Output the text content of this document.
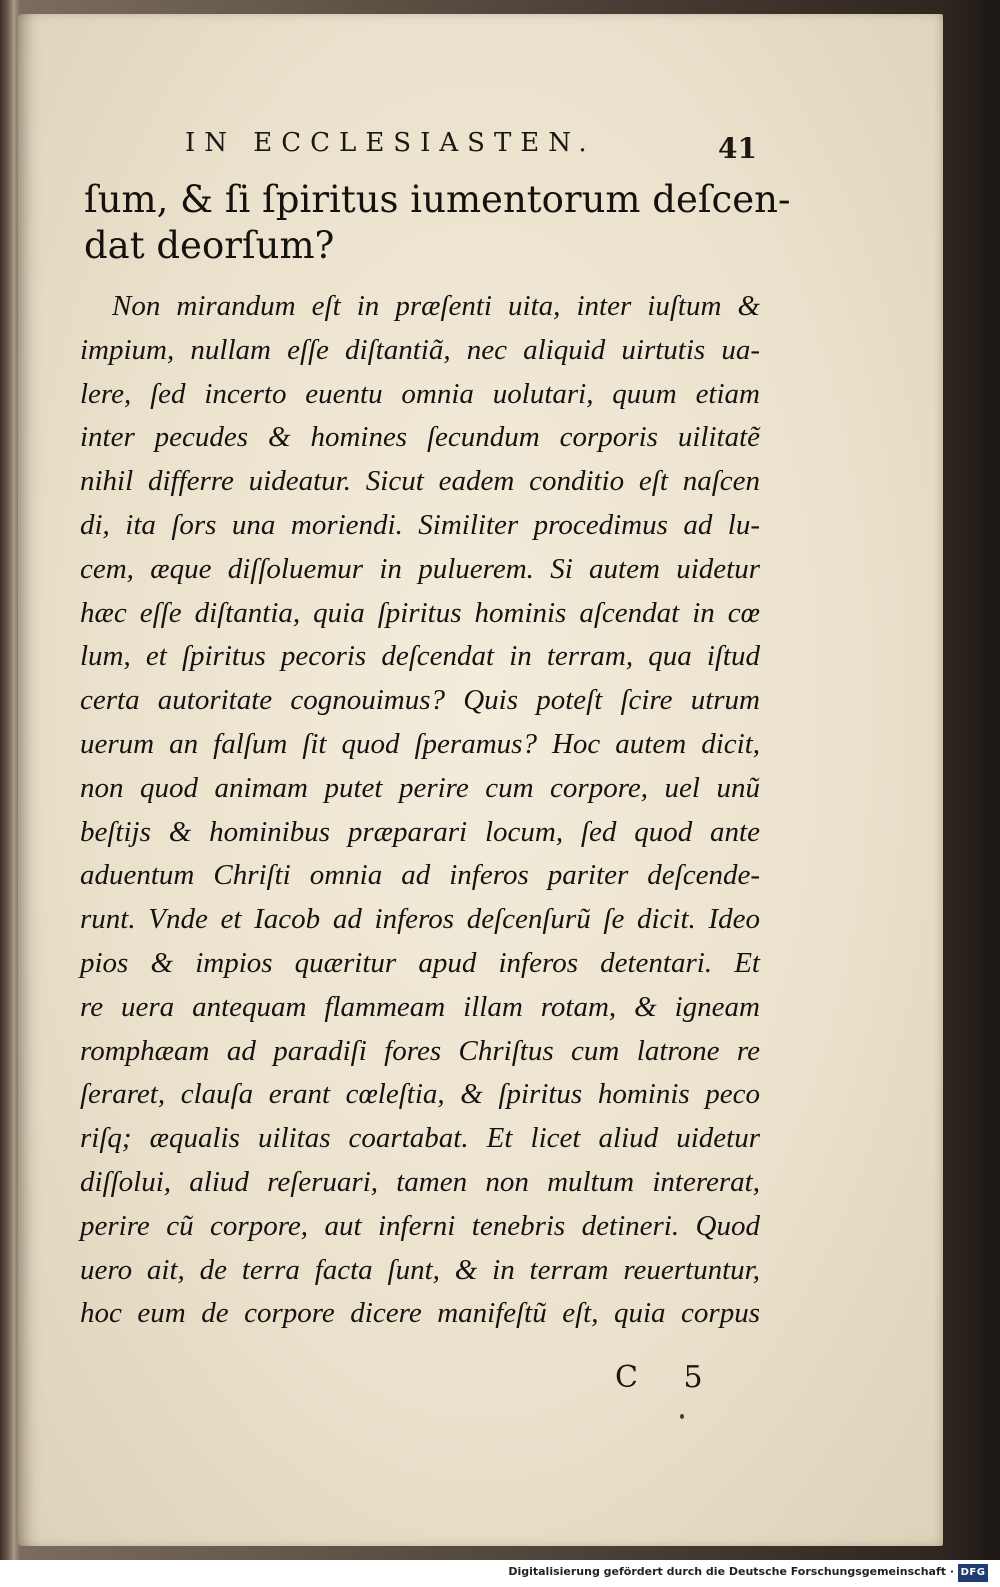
IN ECCLESIASTEN.	41
ſum, & ſi ſpiritus iumentorum deſcen-
dat deorſum?
Non mirandum eſt in præſenti uita, inter iuſtum &
impium, nullam eſſe diſtantiã, nec aliquid uirtutis ua-
lere, ſed incerto euentu omnia uolutari, quum etiam
inter pecudes & homines ſecundum corporis uilitatẽ
nihil differre uideatur. Sicut eadem conditio eſt naſcen
di, ita ſors una moriendi. Similiter procedimus ad lu-
cem, æque diſſoluemur in puluerem. Si autem uidetur
hæc eſſe diſtantia, quia ſpiritus hominis aſcendat in cœ
lum, et ſpiritus pecoris deſcendat in terram, qua iſtud
certa autoritate cognouimus? Quis poteſt ſcire utrum
uerum an falſum ſit quod ſperamus? Hoc autem dicit,
non quod animam putet perire cum corpore, uel unũ
beſtijs & hominibus præparari locum, ſed quod ante
aduentum Chriſti omnia ad inferos pariter deſcende-
runt. Vnde et Iacob ad inferos deſcenſurũ ſe dicit. Ideo
pios & impios quæritur apud inferos detentari. Et
re uera antequam flammeam illam rotam, & igneam
romphæam ad paradiſi fores Chriſtus cum latrone re
ſeraret, clauſa erant cœleſtia, & ſpiritus hominis peco
riſq; æqualis uilitas coartabat. Et licet aliud uidetur
diſſolui, aliud reſeruari, tamen non multum intererat,
perire cũ corpore, aut inferni tenebris detineri. Quod
uero ait, de terra facta ſunt, & in terram reuertuntur,
hoc eum de corpore dicere manifeſtũ eſt, quia corpus
C 5
Digitalisierung gefördert durch die Deutsche Forschungsgemeinschaft · DFG
